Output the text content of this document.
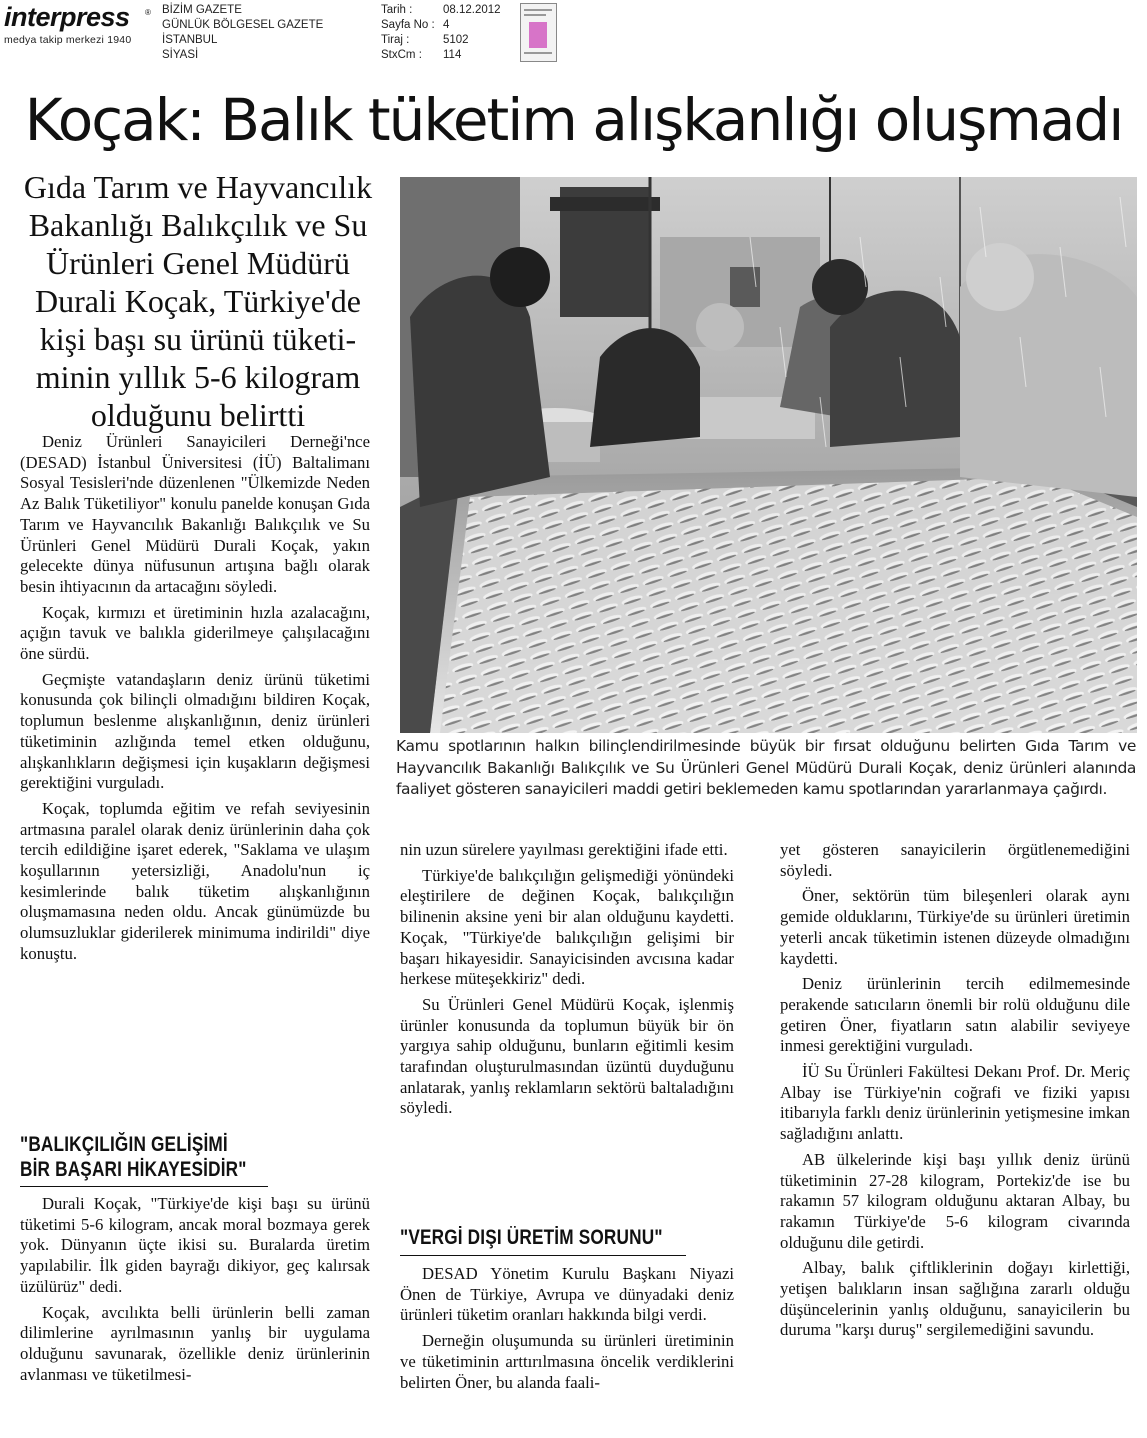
interpress	®
medya takip merkezi 1940
BİZİM GAZETE
GÜNLÜK BÖLGESEL GAZETE
İSTANBUL
SİYASİ
Tarih :	08.12.2012
Sayfa No : 4
Tiraj :	5102
StxCm :	114
Koçak: Balık tüketim alışkanlığı oluşmadı
Gıda Tarım ve Hayvancılık Bakanlığı Balıkçılık ve Su Ürünleri Genel Müdürü Durali Koçak, Türkiye'de kişi başı su ürünü tüketi-minin yıllık 5-6 kilogram olduğunu belirtti

Deniz Ürünleri Sanayicileri Derneği'nce (DESAD) İstanbul Üniversitesi (İÜ) Baltalimanı Sosyal Tesisleri'nde düzenlenen "Ülkemizde Neden Az Balık Tüketiliyor" konulu panelde konuşan Gıda Tarım ve Hayvancılık Bakanlığı Balıkçılık ve Su Ürünleri Genel Müdürü Durali Koçak, yakın gelecekte dünya nüfusunun artışına bağlı olarak besin ihtiyacının da artacağını söyledi.

Koçak, kırmızı et üretiminin hızla azalacağını, açığın tavuk ve balıkla giderilmeye çalışılacağını öne sürdü.

Geçmişte vatandaşların deniz ürünü tüketimi konusunda çok bilinçli olmadığını bildiren Koçak, toplumun beslenme alışkanlığının, deniz ürünleri tüketiminin azlığında temel etken olduğunu, alışkanlıkların değişmesi için kuşakların değişmesi gerektiğini vurguladı.

Koçak, toplumda eğitim ve refah seviyesinin artmasına paralel olarak deniz ürünlerinin daha çok tercih edildiğine işaret ederek, "Saklama ve ulaşım koşullarının yetersizliği, Anadolu'nun iç kesimlerinde balık tüketim alışkanlığının oluşmamasına neden oldu. Ancak günümüzde bu olumsuzluklar giderilerek minimuma indirildi" diye konuştu.

"BALIKÇILIĞIN GELİŞİMİ
BİR BAŞARI HİKAYESİDİR"

Durali Koçak, "Türkiye'de kişi başı su ürünü tüketimi 5-6 kilogram, ancak moral bozmaya gerek yok. Dünyanın üçte ikisi su. Buralarda üretim yapılabilir. İlk giden bayrağı dikiyor, geç kalırsak üzülürüz" dedi.

Koçak, avcılıkta belli ürünlerin belli zaman dilimlerine ayrılmasının yanlış bir uygulama olduğunu savunarak, özellikle deniz ürünlerinin avlanması ve tüketilmesi-

Kamu spotlarının halkın bilinçlendirilmesinde büyük bir fırsat olduğunu belirten Gıda Tarım ve Hayvancılık Bakanlığı Balıkçılık ve Su Ürünleri Genel Müdürü Durali Koçak, deniz ürünleri alanında faaliyet gösteren sanayicileri maddi getiri beklemeden kamu spotlarından yararlanmaya çağırdı.

nin uzun sürelere yayılması gerektiğini ifade etti.

Türkiye'de balıkçılığın gelişmediği yönündeki eleştirilere de değinen Koçak, balıkçılığın bilinenin aksine yeni bir alan olduğunu kaydetti. Koçak, "Türkiye'de balıkçılığın gelişimi bir başarı hikayesidir. Sanayicisinden avcısına kadar herkese müteşekkiriz" dedi.

Su Ürünleri Genel Müdürü Koçak, işlenmiş ürünler konusunda da toplumun büyük bir ön yargıya sahip olduğunu, bunların eğitimli kesim tarafından oluşturulmasından üzüntü duyduğunu anlatarak, yanlış reklamların sektörü baltaladığını söyledi.

"VERGİ DIŞI ÜRETİM SORUNU"

DESAD Yönetim Kurulu Başkanı Niyazi Önen de Türkiye, Avrupa ve dünyadaki deniz ürünleri tüketim oranları hakkında bilgi verdi.

Derneğin oluşumunda su ürünleri üretiminin ve tüketiminin arttırılmasına öncelik verdiklerini belirten Öner, bu alanda faali-

yet gösteren sanayicilerin örgütlenemediğini söyledi.

Öner, sektörün tüm bileşenleri olarak aynı gemide olduklarını, Türkiye'de su ürünleri üretimin yeterli ancak tüketimin istenen düzeyde olmadığını kaydetti.

Deniz ürünlerinin tercih edilmemesinde perakende satıcıların önemli bir rolü olduğunu dile getiren Öner, fiyatların satın alabilir seviyeye inmesi gerektiğini vurguladı.

İÜ Su Ürünleri Fakültesi Dekanı Prof. Dr. Meriç Albay ise Türkiye'nin coğrafi ve fiziki yapısı itibarıyla farklı deniz ürünlerinin yetişmesine imkan sağladığını anlattı.

AB ülkelerinde kişi başı yıllık deniz ürünü tüketiminin 27-28 kilogram, Portekiz'de ise bu rakamın 57 kilogram olduğunu aktaran Albay, bu rakamın Türkiye'de 5-6 kilogram civarında olduğunu dile getirdi.

Albay, balık çiftliklerinin doğayı kirlettiği, yetişen balıkların insan sağlığına zararlı olduğu düşüncelerinin yanlış olduğunu, sanayicilerin bu duruma "karşı duruş" sergilemediğini savundu.
